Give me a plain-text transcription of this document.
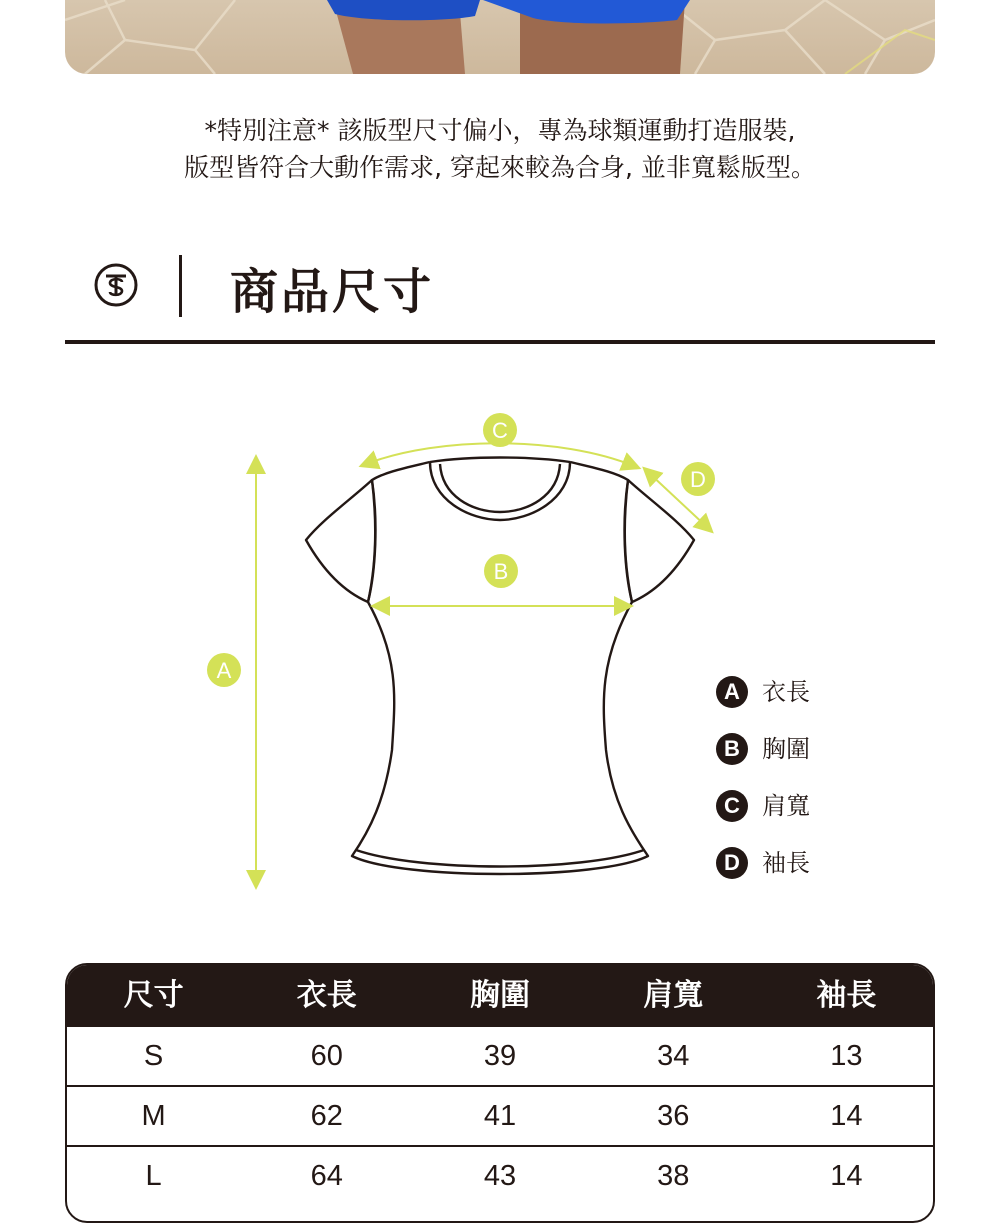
*特別注意* 該版型尺寸偏小，專為球類運動打造服裝,
版型皆符合大動作需求, 穿起來較為合身, 並非寬鬆版型。
商品尺寸
A
B
C
D
A 衣長
B 胸圍
C 肩寬
D 袖長
尺寸	衣長	胸圍	肩寬	袖長
S	60	39	34	13
M	62	41	36	14
L	64	43	38	14
